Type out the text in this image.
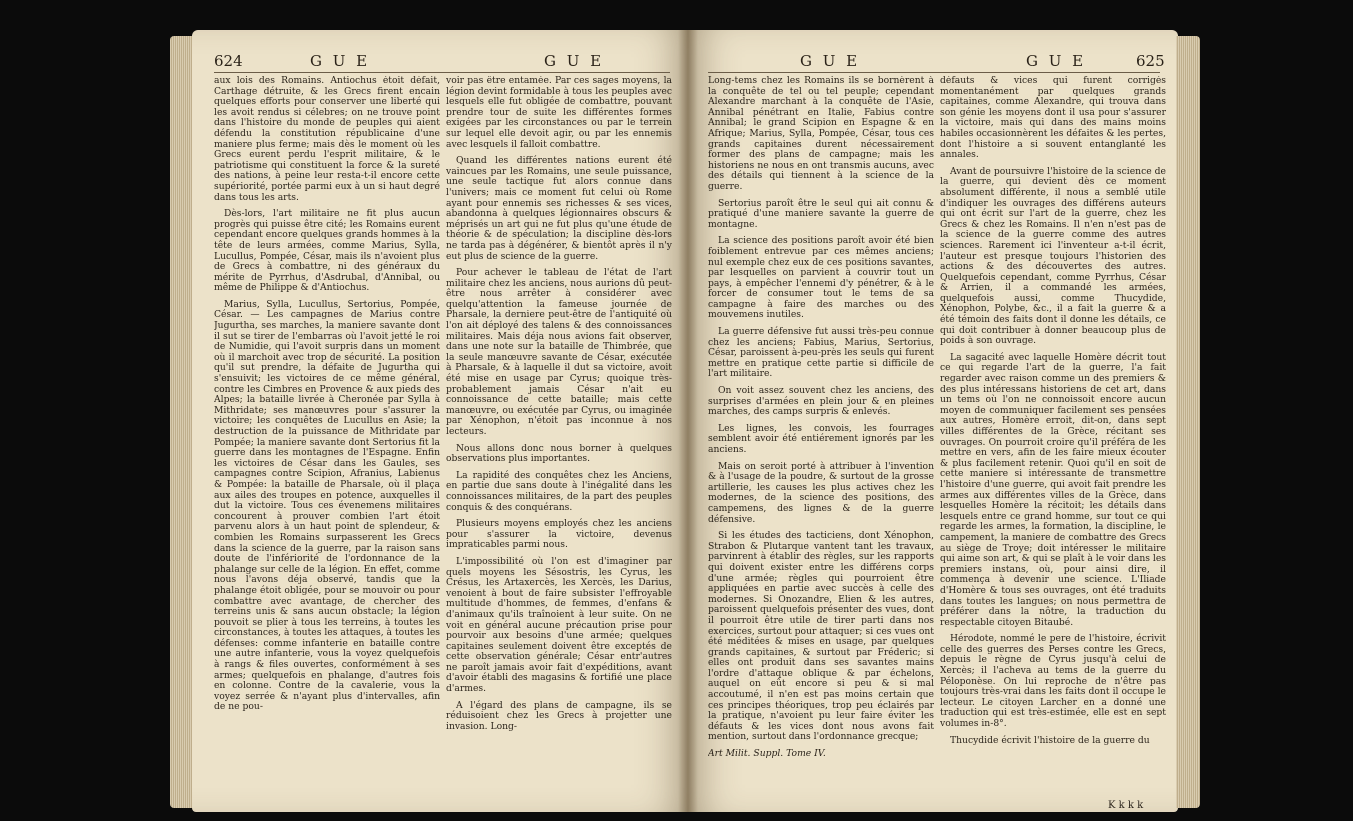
624	G U E	G U E

aux lois des Romains. Antiochus étoit défait, Carthage détruite, & les Grecs firent encain quelques efforts pour conserver une liberté qui les avoit rendus si célebres; on ne trouve point dans l'histoire du monde de peuples qui aient défendu la constitution républicaine d'une maniere plus ferme; mais dès le moment où les Grecs eurent perdu l'esprit militaire, & le patriotisme qui constituent la force & la sureté des nations, à peine leur resta-t-il encore cette supériorité, portée parmi eux à un si haut degré dans tous les arts.

Dès-lors, l'art militaire ne fit plus aucun progrès qui puisse être cité; les Romains eurent cependant encore quelques grands hommes à la tête de leurs armées, comme Marius, Sylla, Lucullus, Pompée, César, mais ils n'avoient plus de Grecs à combattre, ni des généraux du mérite de Pyrrhus, d'Asdrubal, d'Annibal, ou même de Philippe & d'Antiochus.

Marius, Sylla, Lucullus, Sertorius, Pompée, César. — Les campagnes de Marius contre Jugurtha, ses marches, la maniere savante dont il sut se tirer de l'embarras où l'avoit jetté le roi de Numidie, qui l'avoit surpris dans un moment où il marchoit avec trop de sécurité. La position qu'il sut prendre, la défaite de Jugurtha qui s'ensuivit; les victoires de ce même général, contre les Cimbres en Provence & aux pieds des Alpes; la bataille livrée à Cheronée par Sylla à Mithridate; ses manœuvres pour s'assurer la victoire; les conquêtes de Lucullus en Asie; la destruction de la puissance de Mithridate par Pompée; la maniere savante dont Sertorius fit la guerre dans les montagnes de l'Espagne. Enfin les victoires de César dans les Gaules, ses campagnes contre Scipion, Afranius, Labienus & Pompée: la bataille de Pharsale, où il plaça aux ailes des troupes en potence, auxquelles il dut la victoire. Tous ces évenemens militaires concourent à prouver combien l'art étoit parvenu alors à un haut point de splendeur, & combien les Romains surpasserent les Grecs dans la science de la guerre, par la raison sans doute de l'infériorité de l'ordonnance de la phalange sur celle de la légion. En effet, comme nous l'avons déja observé, tandis que la phalange étoit obligée, pour se mouvoir ou pour combattre avec avantage, de chercher des terreins unis & sans aucun obstacle; la légion pouvoit se plier à tous les terreins, à toutes les circonstances, à toutes les attaques, à toutes les défenses: comme infanterie en bataille contre une autre infanterie, vous la voyez quelquefois à rangs & files ouvertes, conformément à ses armes; quelquefois en phalange, d'autres fois en colonne. Contre de la cavalerie, vous la voyez serrée & n'ayant plus d'intervalles, afin de ne pou-

voir pas être entamée. Par ces sages moyens, la légion devint formidable à tous les peuples avec lesquels elle fut obligée de combattre, pouvant prendre tour de suite les différentes formes exigées par les circonstances ou par le terrein sur lequel elle devoit agir, ou par les ennemis avec lesquels il falloit combattre.

Quand les différentes nations eurent été vaincues par les Romains, une seule puissance, une seule tactique fut alors connue dans l'univers; mais ce moment fut celui où Rome ayant pour ennemis ses richesses & ses vices, abandonna à quelques légionnaires obscurs & méprisés un art qui ne fut plus qu'une étude de théorie & de spéculation; la discipline dès-lors ne tarda pas à dégénérer, & bientôt après il n'y eut plus de science de la guerre.

Pour achever le tableau de l'état de l'art militaire chez les anciens, nous aurions dû peut-être nous arrêter à considérer avec quelqu'attention la fameuse journée de Pharsale, la derniere peut-être de l'antiquité où l'on ait déployé des talens & des connoissances militaires. Mais déja nous avions fait observer, dans une note sur la bataille de Thimbrée, que la seule manœuvre savante de César, exécutée à Pharsale, & à laquelle il dut sa victoire, avoit été mise en usage par Cyrus; quoique très-probablement jamais César n'ait eu connoissance de cette bataille; mais cette manœuvre, ou exécutée par Cyrus, ou imaginée par Xénophon, n'étoit pas inconnue à nos lecteurs.

Nous allons donc nous borner à quelques observations plus importantes.

La rapidité des conquêtes chez les Anciens, en partie due sans doute à l'inégalité dans les connoissances militaires, de la part des peuples conquis & des conquérans.

Plusieurs moyens employés chez les anciens pour s'assurer la victoire, devenus impraticables parmi nous.

L'impossibilité où l'on est d'imaginer par quels moyens les Sésostris, les Cyrus, les Crésus, les Artaxercès, les Xercès, les Darius, venoient à bout de faire subsister l'effroyable multitude d'hommes, de femmes, d'enfans & d'animaux qu'ils traînoient à leur suite. On ne voit en général aucune précaution prise pour pourvoir aux besoins d'une armée; quelques capitaines seulement doivent être exceptés de cette observation générale; César entr'autres ne paroît jamais avoir fait d'expéditions, avant d'avoir établi des magasins & fortifié une place d'armes.

A l'égard des plans de campagne, ils se réduisoient chez les Grecs à projetter une invasion. Long-

G U E	G U E	625

Long-tems chez les Romains ils se bornèrent à la conquête de tel ou tel peuple; cependant Alexandre marchant à la conquête de l'Asie, Annibal pénétrant en Italie, Fabius contre Annibal; le grand Scipion en Espagne & en Afrique; Marius, Sylla, Pompée, César, tous ces grands capitaines durent nécessairement former des plans de campagne; mais les historiens ne nous en ont transmis aucuns, avec des détails qui tiennent à la science de la guerre.

Sertorius paroît être le seul qui ait connu & pratiqué d'une maniere savante la guerre de montagne.

La science des positions paroît avoir été bien foiblement entrevue par ces mêmes anciens; nul exemple chez eux de ces positions savantes, par lesquelles on parvient à couvrir tout un pays, à empêcher l'ennemi d'y pénétrer, & à le forcer de consumer tout le tems de sa campagne à faire des marches ou des mouvemens inutiles.

La guerre défensive fut aussi très-peu connue chez les anciens; Fabius, Marius, Sertorius, César, paroissent à-peu-près les seuls qui furent mettre en pratique cette partie si difficile de l'art militaire.

On voit assez souvent chez les anciens, des surprises d'armées en plein jour & en pleines marches, des camps surpris & enlevés.

Les lignes, les convois, les fourrages semblent avoir été entiérement ignorés par les anciens.

Mais on seroit porté à attribuer à l'invention & à l'usage de la poudre, & surtout de la grosse artillerie, les causes les plus actives chez les modernes, de la science des positions, des campemens, des lignes & de la guerre défensive.

Si les études des tacticiens, dont Xénophon, Strabon & Plutarque vantent tant les travaux, parvinrent à établir des règles, sur les rapports qui doivent exister entre les différens corps d'une armée; règles qui pourroient être appliquées en partie avec succès à celle des modernes. Si Onozandre, Elien & les autres, paroissent quelquefois présenter des vues, dont il pourroit être utile de tirer parti dans nos exercices, surtout pour attaquer; si ces vues ont été méditées & mises en usage, par quelques grands capitaines, & surtout par Fréderic; si elles ont produit dans ses savantes mains l'ordre d'attaque oblique & par échelons, auquel on eût encore si peu & si mal accoutumé, il n'en est pas moins certain que ces principes théoriques, trop peu éclairés par la pratique, n'avoient pu leur faire éviter les défauts & les vices dont nous avons fait mention, surtout dans l'ordonnance grecque;

Art Milit. Suppl. Tome IV.

défauts & vices qui furent corrigés momentanément par quelques grands capitaines, comme Alexandre, qui trouva dans son génie les moyens dont il usa pour s'assurer la victoire, mais qui dans des mains moins habiles occasionnèrent les défaites & les pertes, dont l'histoire a si souvent entanglanté les annales.

Avant de poursuivre l'histoire de la science de la guerre, qui devient dès ce moment absolument différente, il nous a semblé utile d'indiquer les ouvrages des différens auteurs qui ont écrit sur l'art de la guerre, chez les Grecs & chez les Romains. Il n'en n'est pas de la science de la guerre comme des autres sciences. Rarement ici l'inventeur a-t-il écrit, l'auteur est presque toujours l'historien des actions & des découvertes des autres. Quelquefois cependant, comme Pyrrhus, César & Arrien, il a commandé les armées, quelquefois aussi, comme Thucydide, Xénophon, Polybe, &c., il a fait la guerre & a été témoin des faits dont il donne les détails, ce qui doit contribuer à donner beaucoup plus de poids à son ouvrage.

La sagacité avec laquelle Homère décrit tout ce qui regarde l'art de la guerre, l'a fait regarder avec raison comme un des premiers & des plus intéressans historiens de cet art, dans un tems où l'on ne connoissoit encore aucun moyen de communiquer facilement ses pensées aux autres, Homère erroit, dit-on, dans sept villes différentes de la Grèce, récitant ses ouvrages. On pourroit croire qu'il préféra de les mettre en vers, afin de les faire mieux écouter & plus facilement retenir. Quoi qu'il en soit de cette maniere si intéressante de transmettre l'histoire d'une guerre, qui avoit fait prendre les armes aux différentes villes de la Grèce, dans lesquelles Homère la récitoit; les détails dans lesquels entre ce grand homme, sur tout ce qui regarde les armes, la formation, la discipline, le campement, la maniere de combattre des Grecs au siège de Troye; doit intéresser le militaire qui aime son art, & qui se plaît à le voir dans les premiers instans, où, pour ainsi dire, il commença à devenir une science. L'Iliade d'Homère & tous ses ouvrages, ont été traduits dans toutes les langues; on nous permettra de préférer dans la nôtre, la traduction du respectable citoyen Bitaubé.

Hérodote, nommé le pere de l'histoire, écrivit celle des guerres des Perses contre les Grecs, depuis le règne de Cyrus jusqu'à celui de Xercès; il l'acheva au tems de la guerre du Péloponèse. On lui reproche de n'être pas toujours très-vrai dans les faits dont il occupe le lecteur. Le citoyen Larcher en a donné une traduction qui est très-estimée, elle est en sept volumes in-8°.

Thucydide écrivit l'histoire de la guerre du

K k k k
